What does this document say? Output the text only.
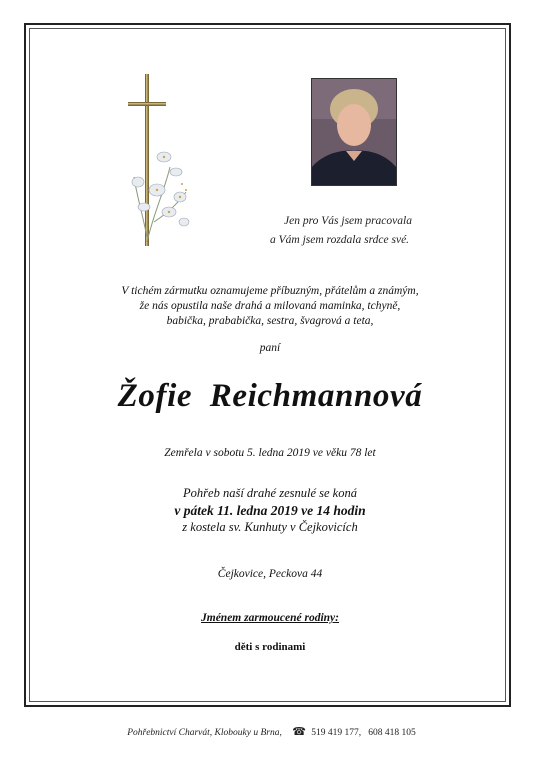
Jen pro Vás jsem pracovala
a Vám jsem rozdala srdce své.
V tichém zármutku oznamujeme příbuzným, přátelům a známým,
že nás opustila naše drahá a milovaná maminka, tchyně,
babička, prababička, sestra, švagrová a teta,
paní
Žofie  Reichmannová
Zemřela v sobotu 5. ledna 2019 ve věku 78 let
Pohřeb naší drahé zesnulé se koná
v pátek 11. ledna 2019 ve 14 hodin
z kostela sv. Kunhuty v Čejkovicích
Čejkovice, Peckova 44
Jménem zarmoucené rodiny:
děti s rodinami
Pohřebnictví Charvát, Klobouky u Brna, ☎ 519 419 177,   608 418 105
